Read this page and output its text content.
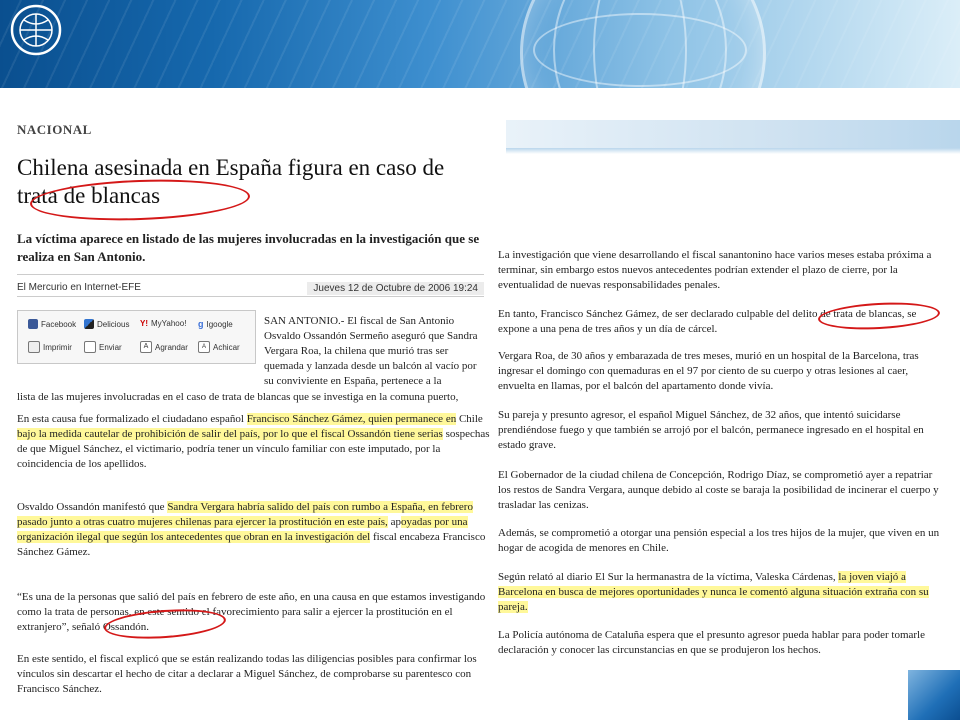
NACIONAL
Chilena asesinada en España figura en caso de trata de blancas

La víctima aparece en listado de las mujeres involucradas en la investigación que se realiza en San Antonio.

El Mercurio en Internet-EFE	Jueves 12 de Octubre de 2006 19:24
Facebook	Delicious Y! MyYahoo! g Igoogle
Imprimir	Enviar	A Agrandar	A Achicar

SAN ANTONIO.- El fiscal de San Antonio Osvaldo Ossandón Sermeño aseguró que Sandra Vergara Roa, la chilena que murió tras ser quemada y lanzada desde un balcón al vacío por su conviviente en España, pertenece a la

lista de las mujeres involucradas en el caso de trata de blancas que se investiga en la comuna puerto,

En esta causa fue formalizado el ciudadano español Francisco Sánchez Gámez, quien permanece en Chile bajo la medida cautelar de prohibición de salir del país, por lo que el fiscal Ossandón tiene serias sospechas de que Miguel Sánchez, el victimario, podría tener un vínculo familiar con este imputado, por la coincidencia de los apellidos.

Osvaldo Ossandón manifestó que Sandra Vergara habría salido del país con rumbo a España, en febrero pasado junto a otras cuatro mujeres chilenas para ejercer la prostitución en este país, apoyadas por una organización ilegal que según los antecedentes que obran en la investigación del fiscal encabeza Francisco Sánchez Gámez.

“Es una de la personas que salió del país en febrero de este año, en una causa en que estamos investigando como la trata de personas, en este sentido el favorecimiento para salir a ejercer la prostitución en el extranjero”, señaló Ossandón.

En este sentido, el fiscal explicó que se están realizando todas las diligencias posibles para confirmar los vínculos sin descartar el hecho de citar a declarar a Miguel Sánchez, de comprobarse su parentesco con Francisco Sánchez.

La investigación que viene desarrollando el fiscal sanantonino hace varios meses estaba próxima a terminar, sin embargo estos nuevos antecedentes podrían extender el plazo de cierre, por la eventualidad de nuevas responsabilidades penales.

En tanto, Francisco Sánchez Gámez, de ser declarado culpable del delito de trata de blancas, se expone a una pena de tres años y un día de cárcel.

Vergara Roa, de 30 años y embarazada de tres meses, murió en un hospital de la Barcelona, tras ingresar el domingo con quemaduras en el 97 por ciento de su cuerpo y otras lesiones al caer, envuelta en llamas, por el balcón del apartamento donde vivía.

Su pareja y presunto agresor, el español Miguel Sánchez, de 32 años, que intentó suicidarse prendiéndose fuego y que también se arrojó por el balcón, permanece ingresado en el hospital en estado grave.

El Gobernador de la ciudad chilena de Concepción, Rodrigo Díaz, se comprometió ayer a repatriar los restos de Sandra Vergara, aunque debido al coste se baraja la posibilidad de incinerar el cuerpo y trasladar las cenizas.

Además, se comprometió a otorgar una pensión especial a los tres hijos de la mujer, que viven en un hogar de acogida de menores en Chile.

Según relató al diario El Sur la hermanastra de la víctima, Valeska Cárdenas, la joven viajó a Barcelona en busca de mejores oportunidades y nunca le comentó alguna situación extraña con su pareja.

La Policía autónoma de Cataluña espera que el presunto agresor pueda hablar para poder tomarle declaración y conocer las circunstancias en que se produjeron los hechos.
